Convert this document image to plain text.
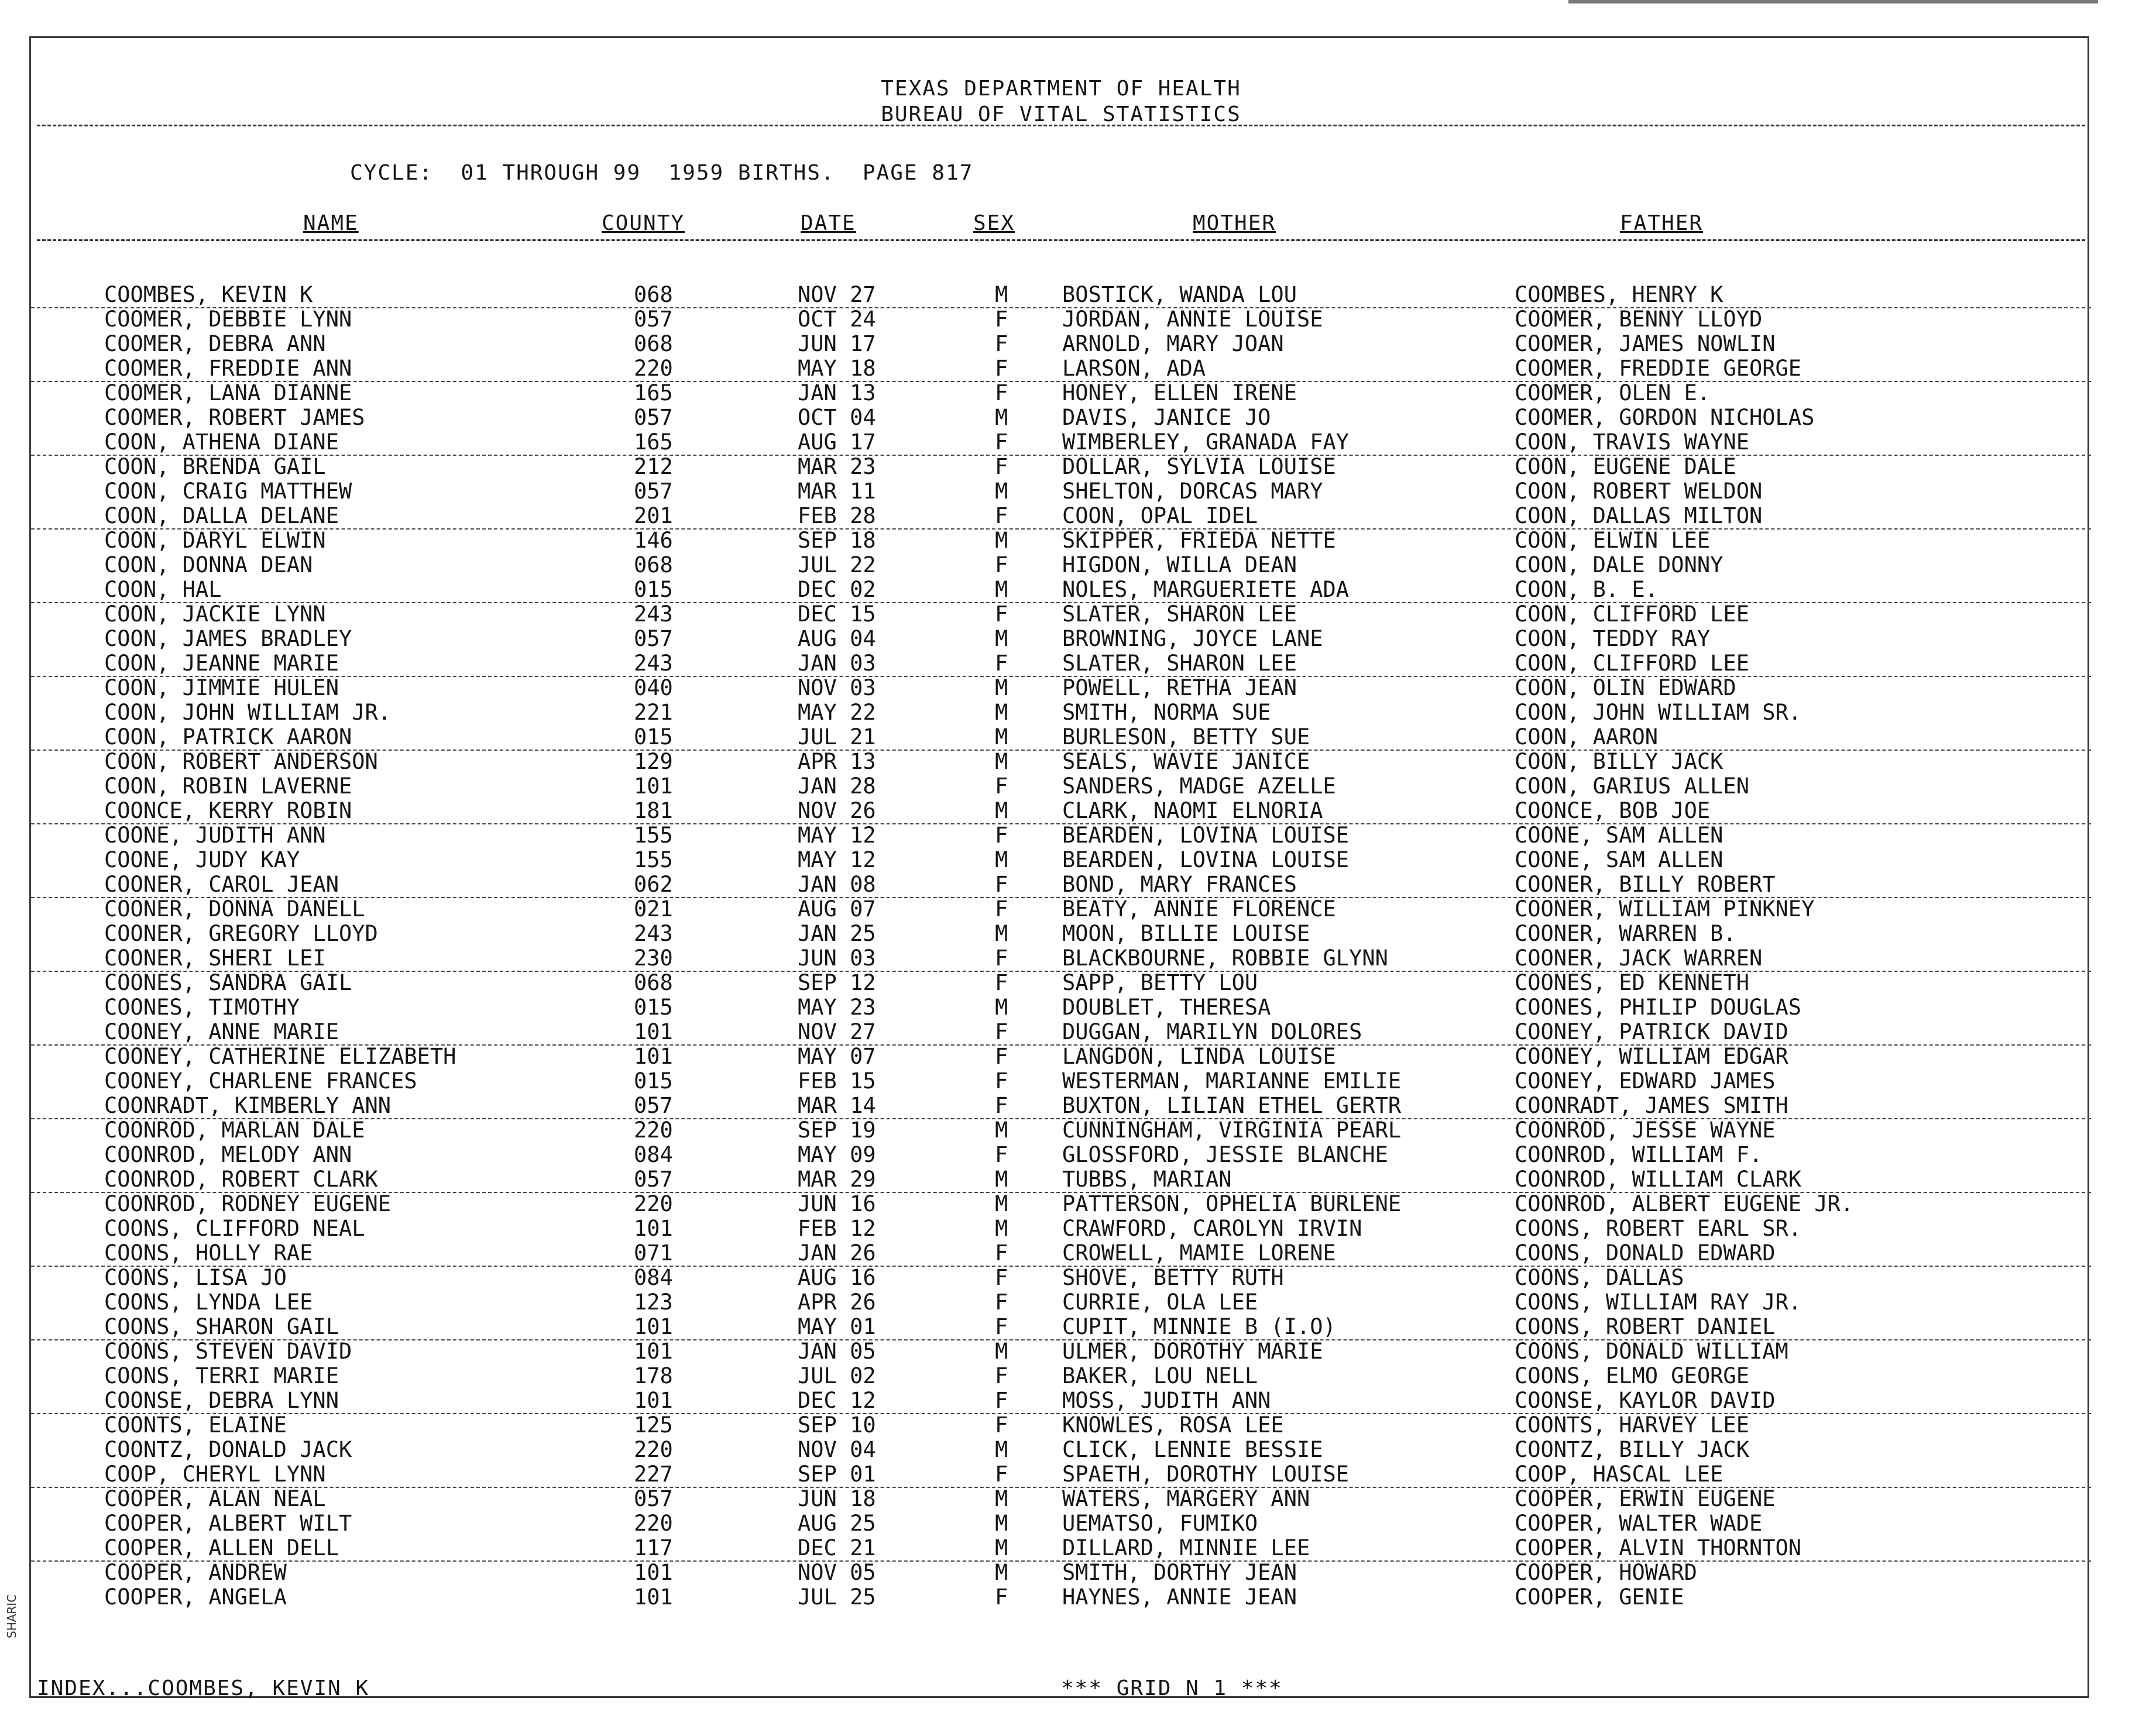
SHARIC
TEXAS DEPARTMENT OF HEALTH
BUREAU OF VITAL STATISTICS
CYCLE:  01 THROUGH 99  1959 BIRTHS.  PAGE 817
NAME	COUNTY	DATE	SEX	MOTHER	FATHER
COOMBES, KEVIN K	068	NOV 27	M	BOSTICK, WANDA LOU	COOMBES, HENRY K
COOMER, DEBBIE LYNN	057	OCT 24	F	JORDAN, ANNIE LOUISE	COOMER, BENNY LLOYD
COOMER, DEBRA ANN	068	JUN 17	F	ARNOLD, MARY JOAN	COOMER, JAMES NOWLIN
COOMER, FREDDIE ANN	220	MAY 18	F	LARSON, ADA	COOMER, FREDDIE GEORGE
COOMER, LANA DIANNE	165	JAN 13	F	HONEY, ELLEN IRENE	COOMER, OLEN E.
COOMER, ROBERT JAMES	057	OCT 04	M	DAVIS, JANICE JO	COOMER, GORDON NICHOLAS
COON, ATHENA DIANE	165	AUG 17	F	WIMBERLEY, GRANADA FAY	COON, TRAVIS WAYNE
COON, BRENDA GAIL	212	MAR 23	F	DOLLAR, SYLVIA LOUISE	COON, EUGENE DALE
COON, CRAIG MATTHEW	057	MAR 11	M	SHELTON, DORCAS MARY	COON, ROBERT WELDON
COON, DALLA DELANE	201	FEB 28	F	COON, OPAL IDEL	COON, DALLAS MILTON
COON, DARYL ELWIN	146	SEP 18	M	SKIPPER, FRIEDA NETTE	COON, ELWIN LEE
COON, DONNA DEAN	068	JUL 22	F	HIGDON, WILLA DEAN	COON, DALE DONNY
COON, HAL	015	DEC 02	M	NOLES, MARGUERIETE ADA	COON, B. E.
COON, JACKIE LYNN	243	DEC 15	F	SLATER, SHARON LEE	COON, CLIFFORD LEE
COON, JAMES BRADLEY	057	AUG 04	M	BROWNING, JOYCE LANE	COON, TEDDY RAY
COON, JEANNE MARIE	243	JAN 03	F	SLATER, SHARON LEE	COON, CLIFFORD LEE
COON, JIMMIE HULEN	040	NOV 03	M	POWELL, RETHA JEAN	COON, OLIN EDWARD
COON, JOHN WILLIAM JR.	221	MAY 22	M	SMITH, NORMA SUE	COON, JOHN WILLIAM SR.
COON, PATRICK AARON	015	JUL 21	M	BURLESON, BETTY SUE	COON, AARON
COON, ROBERT ANDERSON	129	APR 13	M	SEALS, WAVIE JANICE	COON, BILLY JACK
COON, ROBIN LAVERNE	101	JAN 28	F	SANDERS, MADGE AZELLE	COON, GARIUS ALLEN
COONCE, KERRY ROBIN	181	NOV 26	M	CLARK, NAOMI ELNORIA	COONCE, BOB JOE
COONE, JUDITH ANN	155	MAY 12	F	BEARDEN, LOVINA LOUISE	COONE, SAM ALLEN
COONE, JUDY KAY	155	MAY 12	M	BEARDEN, LOVINA LOUISE	COONE, SAM ALLEN
COONER, CAROL JEAN	062	JAN 08	F	BOND, MARY FRANCES	COONER, BILLY ROBERT
COONER, DONNA DANELL	021	AUG 07	F	BEATY, ANNIE FLORENCE	COONER, WILLIAM PINKNEY
COONER, GREGORY LLOYD	243	JAN 25	M	MOON, BILLIE LOUISE	COONER, WARREN B.
COONER, SHERI LEI	230	JUN 03	F	BLACKBOURNE, ROBBIE GLYNN	COONER, JACK WARREN
COONES, SANDRA GAIL	068	SEP 12	F	SAPP, BETTY LOU	COONES, ED KENNETH
COONES, TIMOTHY	015	MAY 23	M	DOUBLET, THERESA	COONES, PHILIP DOUGLAS
COONEY, ANNE MARIE	101	NOV 27	F	DUGGAN, MARILYN DOLORES	COONEY, PATRICK DAVID
COONEY, CATHERINE ELIZABETH	101	MAY 07	F	LANGDON, LINDA LOUISE	COONEY, WILLIAM EDGAR
COONEY, CHARLENE FRANCES	015	FEB 15	F	WESTERMAN, MARIANNE EMILIE	COONEY, EDWARD JAMES
COONRADT, KIMBERLY ANN	057	MAR 14	F	BUXTON, LILIAN ETHEL GERTR	COONRADT, JAMES SMITH
COONROD, MARLAN DALE	220	SEP 19	M	CUNNINGHAM, VIRGINIA PEARL	COONROD, JESSE WAYNE
COONROD, MELODY ANN	084	MAY 09	F	GLOSSFORD, JESSIE BLANCHE	COONROD, WILLIAM F.
COONROD, ROBERT CLARK	057	MAR 29	M	TUBBS, MARIAN	COONROD, WILLIAM CLARK
COONROD, RODNEY EUGENE	220	JUN 16	M	PATTERSON, OPHELIA BURLENE	COONROD, ALBERT EUGENE JR.
COONS, CLIFFORD NEAL	101	FEB 12	M	CRAWFORD, CAROLYN IRVIN	COONS, ROBERT EARL SR.
COONS, HOLLY RAE	071	JAN 26	F	CROWELL, MAMIE LORENE	COONS, DONALD EDWARD
COONS, LISA JO	084	AUG 16	F	SHOVE, BETTY RUTH	COONS, DALLAS
COONS, LYNDA LEE	123	APR 26	F	CURRIE, OLA LEE	COONS, WILLIAM RAY JR.
COONS, SHARON GAIL	101	MAY 01	F	CUPIT, MINNIE B (I.O)	COONS, ROBERT DANIEL
COONS, STEVEN DAVID	101	JAN 05	M	ULMER, DOROTHY MARIE	COONS, DONALD WILLIAM
COONS, TERRI MARIE	178	JUL 02	F	BAKER, LOU NELL	COONS, ELMO GEORGE
COONSE, DEBRA LYNN	101	DEC 12	F	MOSS, JUDITH ANN	COONSE, KAYLOR DAVID
COONTS, ELAINE	125	SEP 10	F	KNOWLES, ROSA LEE	COONTS, HARVEY LEE
COONTZ, DONALD JACK	220	NOV 04	M	CLICK, LENNIE BESSIE	COONTZ, BILLY JACK
COOP, CHERYL LYNN	227	SEP 01	F	SPAETH, DOROTHY LOUISE	COOP, HASCAL LEE
COOPER, ALAN NEAL	057	JUN 18	M	WATERS, MARGERY ANN	COOPER, ERWIN EUGENE
COOPER, ALBERT WILT	220	AUG 25	M	UEMATSO, FUMIKO	COOPER, WALTER WADE
COOPER, ALLEN DELL	117	DEC 21	M	DILLARD, MINNIE LEE	COOPER, ALVIN THORNTON
COOPER, ANDREW	101	NOV 05	M	SMITH, DORTHY JEAN	COOPER, HOWARD
COOPER, ANGELA	101	JUL 25	F	HAYNES, ANNIE JEAN	COOPER, GENIE
INDEX...COOMBES, KEVIN K	*** GRID N 1 ***
